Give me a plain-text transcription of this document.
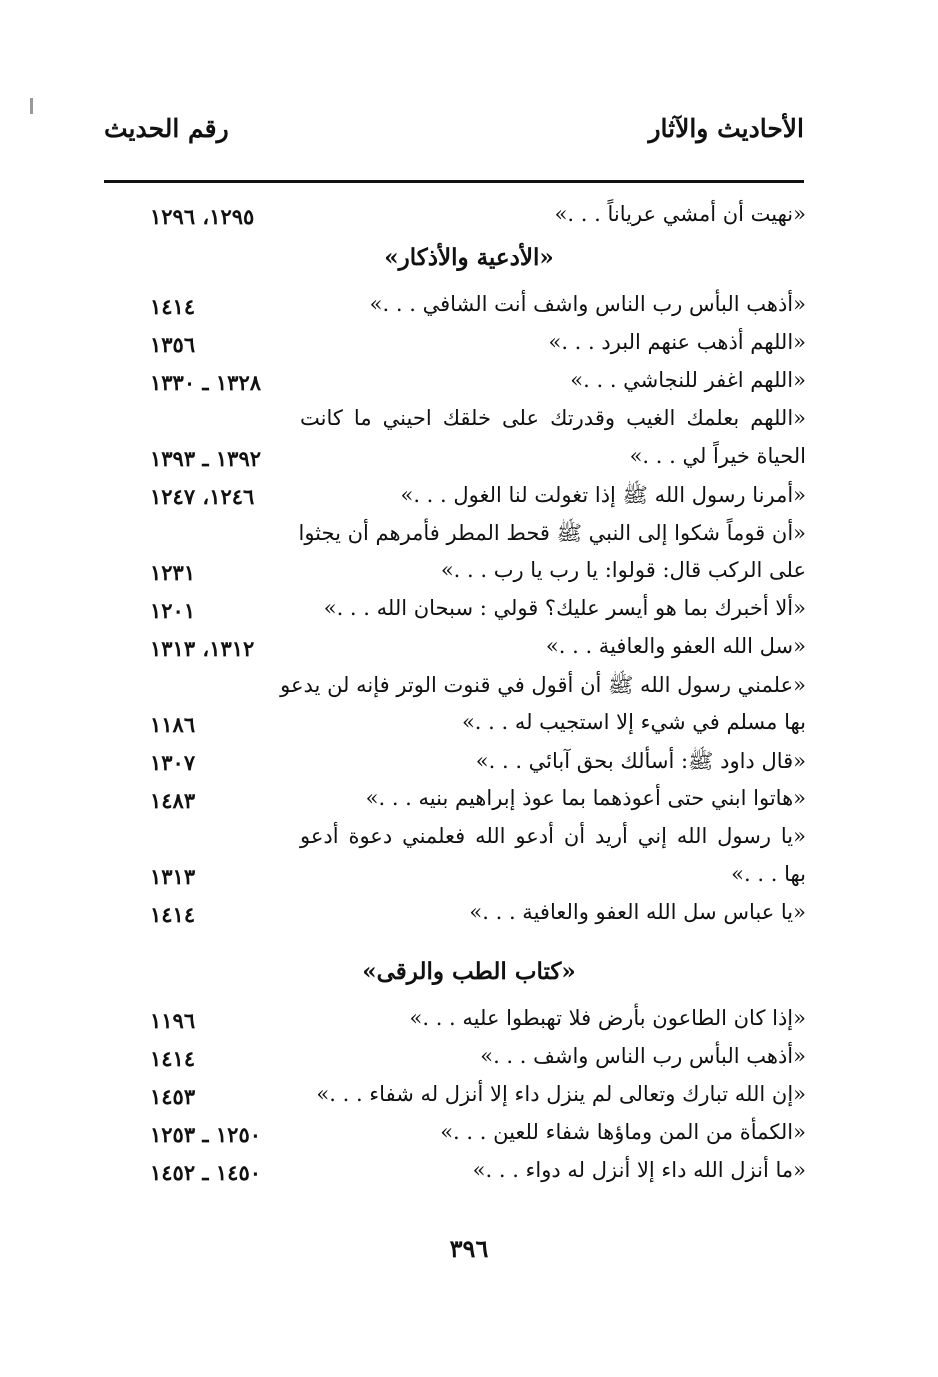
الأحاديث والآثار
رقم الحديث
«نهيت أن أمشي عرياناً . . .»
١٢٩٥، ١٢٩٦
«الأدعية والأذكار»
«أذهب البأس رب الناس واشف أنت الشافي . . .»
١٤١٤
«اللهم أذهب عنهم البرد . . .»
١٣٥٦
«اللهم اغفر للنجاشي . . .»
١٣٢٨ ـ ١٣٣٠
«اللهم بعلمك الغيب وقدرتك على خلقك احيني ما كانت
الحياة خيراً لي . . .»
١٣٩٢ ـ ١٣٩٣
«أمرنا رسول الله ﷺ إذا تغولت لنا الغول . . .»
١٢٤٦، ١٢٤٧
«أن قوماً شكوا إلى النبي ﷺ قحط المطر فأمرهم أن يجثوا
على الركب قال: قولوا: يا رب يا رب . . .»
١٢٣١
«ألا أخبرك بما هو أيسر عليك؟ قولي : سبحان الله . . .»
١٢٠١
«سل الله العفو والعافية . . .»
١٣١٢، ١٣١٣
«علمني رسول الله ﷺ أن أقول في قنوت الوتر فإنه لن يدعو
بها مسلم في شيء إلا استجيب له . . .»
١١٨٦
«قال داود ﷺ: أسألك بحق آبائي . . .»
١٣٠٧
«هاتوا ابني حتى أعوذهما بما عوذ إبراهيم بنيه . . .»
١٤٨٣
«يا رسول الله إني أريد أن أدعو الله فعلمني دعوة أدعو
بها . . .»
١٣١٣
«يا عباس سل الله العفو والعافية . . .»
١٤١٤
«كتاب الطب والرقى»
«إذا كان الطاعون بأرض فلا تهبطوا عليه . . .»
١١٩٦
«أذهب البأس رب الناس واشف . . .»
١٤١٤
«إن الله تبارك وتعالى لم ينزل داء إلا أنزل له شفاء . . .»
١٤٥٣
«الكمأة من المن وماؤها شفاء للعين . . .»
١٢٥٠ ـ ١٢٥٣
«ما أنزل الله داء إلا أنزل له دواء . . .»
١٤٥٠ ـ ١٤٥٢
٣٩٦
